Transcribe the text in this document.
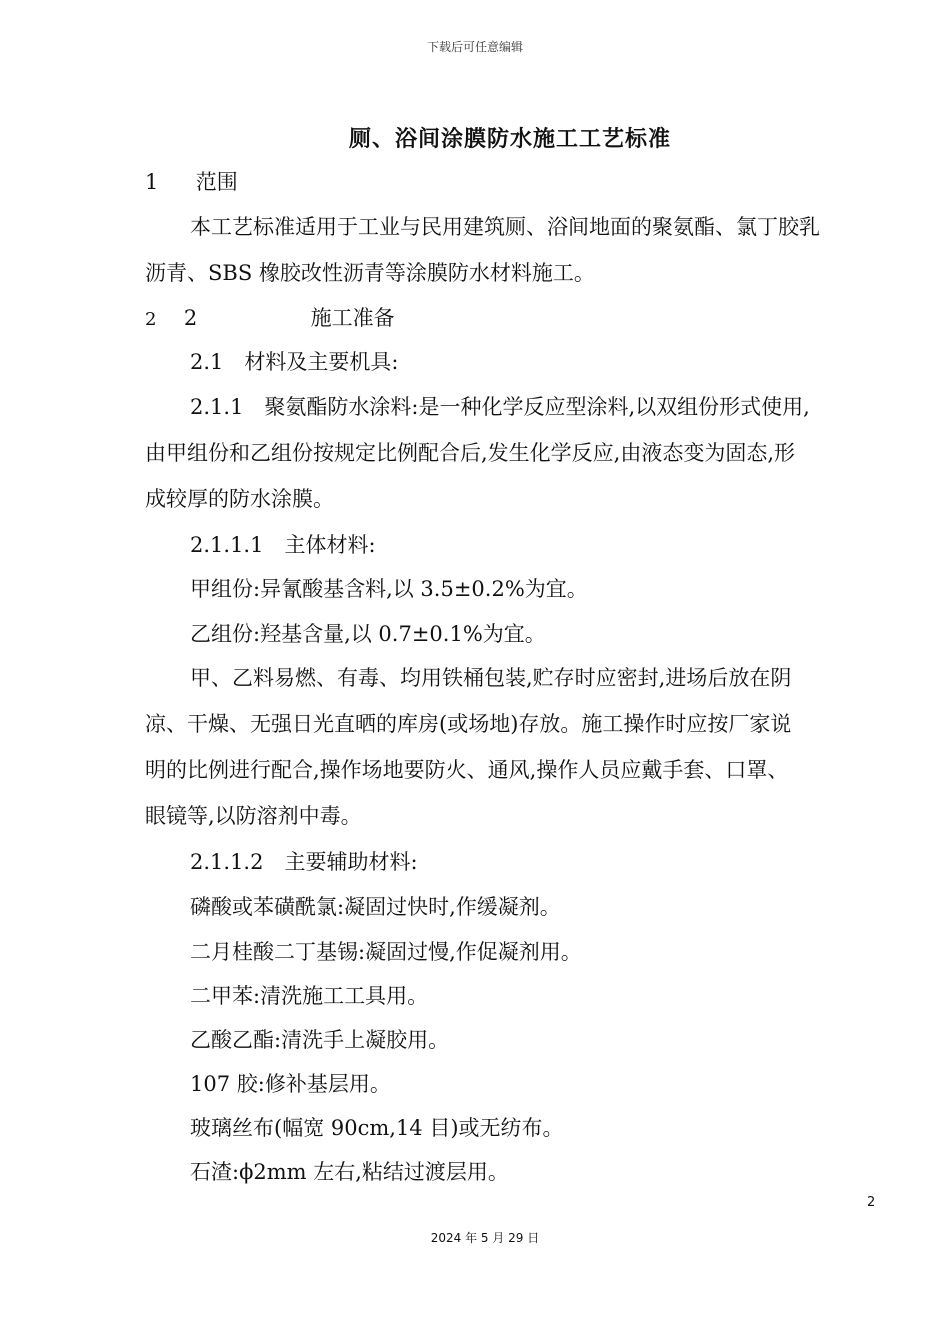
下载后可任意编辑
厕、浴间涂膜防水施工工艺标准
1 范围
本工艺标准适用于工业与民用建筑厕、浴间地面的聚氨酯、氯丁胶乳
沥青、SBS 橡胶改性沥青等涂膜防水材料施工。
2 2	施工准备
2.1　材料及主要机具:
2.1.1　聚氨酯防水涂料:是一种化学反应型涂料,以双组份形式使用,
由甲组份和乙组份按规定比例配合后,发生化学反应,由液态变为固态,形
成较厚的防水涂膜。
2.1.1.1　主体材料:
甲组份:异氰酸基含料,以 3.5±0.2%为宜。
乙组份:羟基含量,以 0.7±0.1%为宜。
甲、乙料易燃、有毒、均用铁桶包装,贮存时应密封,进场后放在阴
凉、干燥、无强日光直晒的库房(或场地)存放。施工操作时应按厂家说
明的比例进行配合,操作场地要防火、通风,操作人员应戴手套、口罩、
眼镜等,以防溶剂中毒。
2.1.1.2　主要辅助材料:
磷酸或苯磺酰氯:凝固过快时,作缓凝剂。
二月桂酸二丁基锡:凝固过慢,作促凝剂用。
二甲苯:清洗施工工具用。
乙酸乙酯:清洗手上凝胶用。
107 胶:修补基层用。
玻璃丝布(幅宽 90cm,14 目)或无纺布。
石渣:ϕ2mm 左右,粘结过渡层用。
2
2024 年 5 月 29 日
